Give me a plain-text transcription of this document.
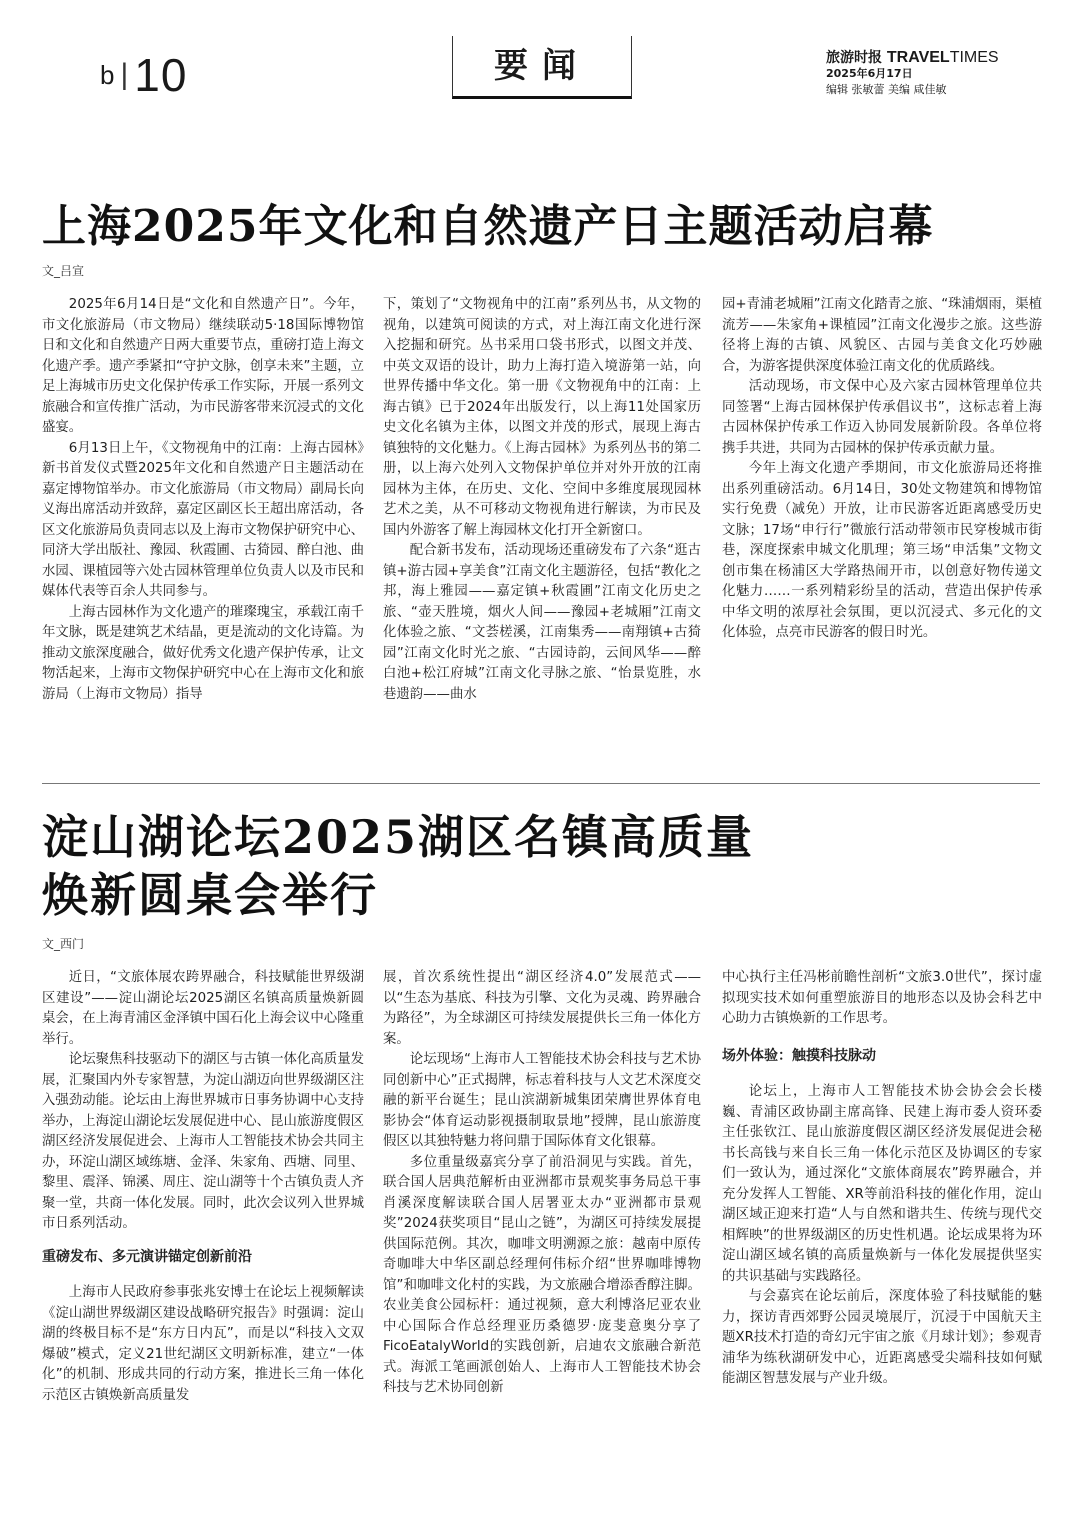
b | 10	要闻	旅游时报 TRAVELTIMES
2025年6月17日
编辑 张敏蕾 美编 咸佳敏
上海2025年文化和自然遗产日主题活动启幕
文_吕宣

2025年6月14日是“文化和自然遗产日”。今年，市文化旅游局（市文物局）继续联动5·18国际博物馆日和文化和自然遗产日两大重要节点，重磅打造上海文化遗产季。遗产季紧扣“守护文脉，创享未来”主题，立足上海城市历史文化保护传承工作实际，开展一系列文旅融合和宣传推广活动，为市民游客带来沉浸式的文化盛宴。

6月13日上午，《文物视角中的江南：上海古园林》新书首发仪式暨2025年文化和自然遗产日主题活动在嘉定博物馆举办。市文化旅游局（市文物局）副局长向义海出席活动并致辞，嘉定区副区长王超出席活动，各区文化旅游局负责同志以及上海市文物保护研究中心、同济大学出版社、豫园、秋霞圃、古猗园、醉白池、曲水园、课植园等六处古园林管理单位负责人以及市民和媒体代表等百余人共同参与。

上海古园林作为文化遗产的璀璨瑰宝，承载江南千年文脉，既是建筑艺术结晶，更是流动的文化诗篇。为推动文旅深度融合，做好优秀文化遗产保护传承，让文物活起来，上海市文物保护研究中心在上海市文化和旅游局（上海市文物局）指导

下，策划了“文物视角中的江南”系列丛书，从文物的视角，以建筑可阅读的方式，对上海江南文化进行深入挖掘和研究。丛书采用口袋书形式，以图文并茂、中英文双语的设计，助力上海打造入境游第一站，向世界传播中华文化。第一册《文物视角中的江南：上海古镇》已于2024年出版发行，以上海11处国家历史文化名镇为主体，以图文并茂的形式，展现上海古镇独特的文化魅力。《上海古园林》为系列丛书的第二册，以上海六处列入文物保护单位并对外开放的江南园林为主体，在历史、文化、空间中多维度展现园林艺术之美，从不可移动文物视角进行解读，为市民及国内外游客了解上海园林文化打开全新窗口。

配合新书发布，活动现场还重磅发布了六条“逛古镇+游古园+享美食”江南文化主题游径，包括“教化之邦，海上雅园——嘉定镇+秋霞圃”江南文化历史之旅、“壶天胜境，烟火人间——豫园+老城厢”江南文化体验之旅、“文荟槎溪，江南集秀——南翔镇+古猗园”江南文化时光之旅、“古园诗韵，云间风华——醉白池+松江府城”江南文化寻脉之旅、“怡景览胜，水巷遗韵——曲水

园+青浦老城厢”江南文化踏青之旅、“珠浦烟雨，渠植流芳——朱家角+课植园”江南文化漫步之旅。这些游径将上海的古镇、风貌区、古园与美食文化巧妙融合，为游客提供深度体验江南文化的优质路线。

活动现场，市文保中心及六家古园林管理单位共同签署“上海古园林保护传承倡议书”，这标志着上海古园林保护传承工作迈入协同发展新阶段。各单位将携手共进，共同为古园林的保护传承贡献力量。

今年上海文化遗产季期间，市文化旅游局还将推出系列重磅活动。6月14日，30处文物建筑和博物馆实行免费（减免）开放，让市民游客近距离感受历史文脉；17场“申行行”微旅行活动带领市民穿梭城市街巷，深度探索申城文化肌理；第三场“申活集”文物文创市集在杨浦区大学路热闹开市，以创意好物传递文化魅力……一系列精彩纷呈的活动，营造出保护传承中华文明的浓厚社会氛围，更以沉浸式、多元化的文化体验，点亮市民游客的假日时光。

淀山湖论坛2025湖区名镇高质量
焕新圆桌会举行
文_西门

近日，“文旅体展农跨界融合，科技赋能世界级湖区建设”——淀山湖论坛2025湖区名镇高质量焕新圆桌会，在上海青浦区金泽镇中国石化上海会议中心隆重举行。

论坛聚焦科技驱动下的湖区与古镇一体化高质量发展，汇聚国内外专家智慧，为淀山湖迈向世界级湖区注入强劲动能。论坛由上海世界城市日事务协调中心支持举办，上海淀山湖论坛发展促进中心、昆山旅游度假区湖区经济发展促进会、上海市人工智能技术协会共同主办，环淀山湖区域练塘、金泽、朱家角、西塘、同里、黎里、震泽、锦溪、周庄、淀山湖等十个古镇负责人齐聚一堂，共商一体化发展。同时，此次会议列入世界城市日系列活动。

重磅发布、多元演讲锚定创新前沿

上海市人民政府参事张兆安博士在论坛上视频解读《淀山湖世界级湖区建设战略研究报告》时强调：淀山湖的终极目标不是“东方日内瓦”，而是以“科技入文双爆破”模式，定义21世纪湖区文明新标准，建立“一体化”的机制、形成共同的行动方案，推进长三角一体化示范区古镇焕新高质量发

展，首次系统性提出“湖区经济4.0”发展范式——以“生态为基底、科技为引擎、文化为灵魂、跨界融合为路径”，为全球湖区可持续发展提供长三角一体化方案。

论坛现场“上海市人工智能技术协会科技与艺术协同创新中心”正式揭牌，标志着科技与人文艺术深度交融的新平台诞生；昆山滨湖新城集团荣膺世界体育电影协会“体育运动影视摄制取景地”授牌，昆山旅游度假区以其独特魅力将问鼎于国际体育文化银幕。

多位重量级嘉宾分享了前沿洞见与实践。首先，联合国人居典范解析由亚洲都市景观奖事务局总干事肖溪深度解读联合国人居署亚太办“亚洲都市景观奖”2024获奖项目“昆山之链”，为湖区可持续发展提供国际范例。其次，咖啡文明溯源之旅：越南中原传奇咖啡大中华区副总经理何伟标介绍“世界咖啡博物馆”和咖啡文化村的实践，为文旅融合增添香醇注脚。农业美食公园标杆：通过视频，意大利博洛尼亚农业中心国际合作总经理亚历桑德罗·庞斐意奥分享了FicoEatalyWorld的实践创新，启迪农文旅融合新范式。海派工笔画派创始人、上海市人工智能技术协会科技与艺术协同创新

中心执行主任冯彬前瞻性剖析“文旅3.0世代”，探讨虚拟现实技术如何重塑旅游目的地形态以及协会科艺中心助力古镇焕新的工作思考。

场外体验：触摸科技脉动

论坛上，上海市人工智能技术协会协会会长楼巍、青浦区政协副主席高锋、民建上海市委人资环委主任张钦江、昆山旅游度假区湖区经济发展促进会秘书长高钱与来自长三角一体化示范区及协调区的专家们一致认为，通过深化“文旅体商展农”跨界融合，并充分发挥人工智能、XR等前沿科技的催化作用，淀山湖区域正迎来打造“人与自然和谐共生、传统与现代交相辉映”的世界级湖区的历史性机遇。论坛成果将为环淀山湖区域名镇的高质量焕新与一体化发展提供坚实的共识基础与实践路径。

与会嘉宾在论坛前后，深度体验了科技赋能的魅力，探访青西郊野公园灵境展厅，沉浸于中国航天主题XR技术打造的奇幻元宇宙之旅《月球计划》；参观青浦华为练秋湖研发中心，近距离感受尖端科技如何赋能湖区智慧发展与产业升级。
